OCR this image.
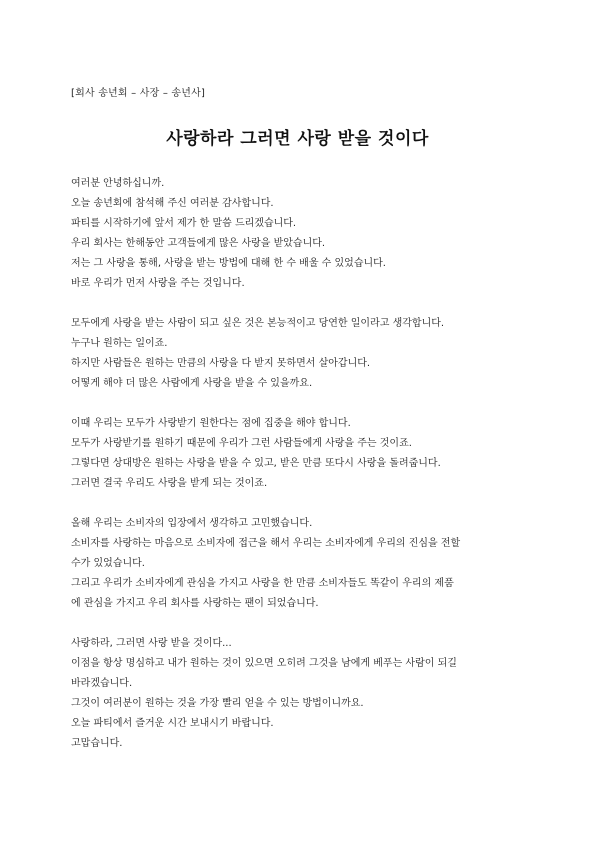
[회사 송년회 – 사장 – 송년사]
사랑하라 그러면 사랑 받을 것이다
여러분 안녕하십니까.
오늘 송년회에 참석해 주신 여러분 감사합니다.
파티를 시작하기에 앞서 제가 한 말씀 드리겠습니다.
우리 회사는 한해동안 고객들에게 많은 사랑을 받았습니다.
저는 그 사랑을 통해, 사랑을 받는 방법에 대해 한 수 배울 수 있었습니다.
바로 우리가 먼저 사랑을 주는 것입니다.
모두에게 사랑을 받는 사람이 되고 싶은 것은 본능적이고 당연한 일이라고 생각합니다.
누구나 원하는 일이죠.
하지만 사람들은 원하는 만큼의 사랑을 다 받지 못하면서 살아갑니다.
어떻게 해야 더 많은 사람에게 사랑을 받을 수 있을까요.
이때 우리는 모두가 사랑받기 원한다는 점에 집중을 해야 합니다.
모두가 사랑받기를 원하기 때문에 우리가 그런 사람들에게 사랑을 주는 것이죠.
그렇다면 상대방은 원하는 사랑을 받을 수 있고, 받은 만큼 또다시 사랑을 돌려줍니다.
그러면 결국 우리도 사랑을 받게 되는 것이죠.
올해 우리는 소비자의 입장에서 생각하고 고민했습니다.
소비자를 사랑하는 마음으로 소비자에 접근을 해서 우리는 소비자에게 우리의 진심을 전할
수가 있었습니다.
그리고 우리가 소비자에게 관심을 가지고 사랑을 한 만큼 소비자들도 똑같이 우리의 제품
에 관심을 가지고 우리 회사를 사랑하는 팬이 되었습니다.
사랑하라, 그러면 사랑 받을 것이다...
이점을 항상 명심하고 내가 원하는 것이 있으면 오히려 그것을 남에게 베푸는 사람이 되길
바라겠습니다.
그것이 여러분이 원하는 것을 가장 빨리 얻을 수 있는 방법이니까요.
오늘 파티에서 즐거운 시간 보내시기 바랍니다.
고맙습니다.
